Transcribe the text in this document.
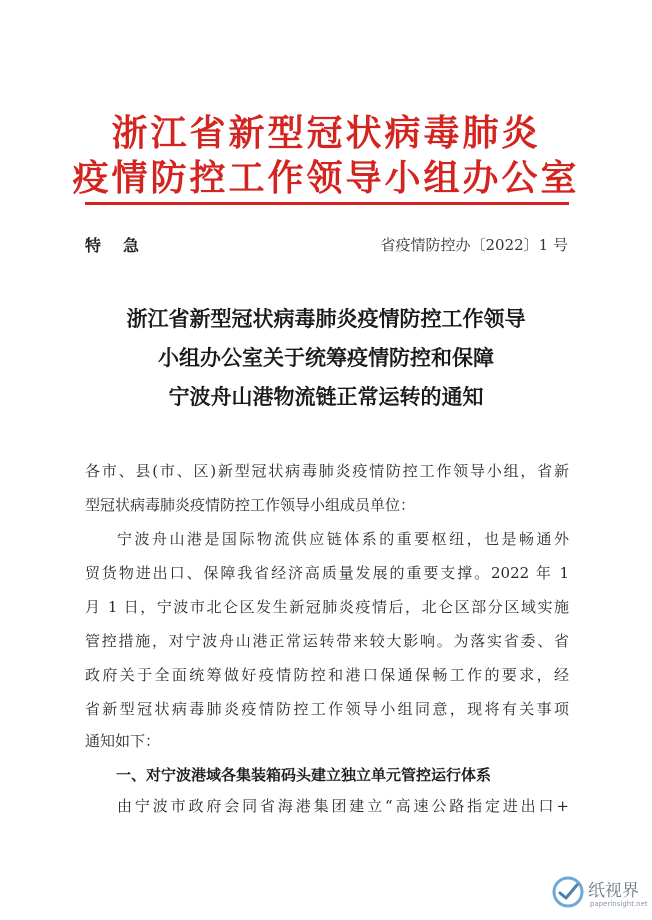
浙江省新型冠状病毒肺炎
疫情防控工作领导小组办公室
特急	省疫情防控办〔2022〕1 号
浙江省新型冠状病毒肺炎疫情防控工作领导
小组办公室关于统筹疫情防控和保障
宁波舟山港物流链正常运转的通知
各市、县(市、区)新型冠状病毒肺炎疫情防控工作领导小组，省新
型冠状病毒肺炎疫情防控工作领导小组成员单位：
宁波舟山港是国际物流供应链体系的重要枢纽，也是畅通外
贸货物进出口、保障我省经济高质量发展的重要支撑。2022 年 1
月 1 日，宁波市北仑区发生新冠肺炎疫情后，北仑区部分区域实施
管控措施，对宁波舟山港正常运转带来较大影响。为落实省委、省
政府关于全面统筹做好疫情防控和港口保通保畅工作的要求，经
省新型冠状病毒肺炎疫情防控工作领导小组同意，现将有关事项
通知如下：
一、对宁波港域各集装箱码头建立独立单元管控运行体系
由宁波市政府会同省海港集团建立“高速公路指定进出口+
纸视界
paperinsight.net
